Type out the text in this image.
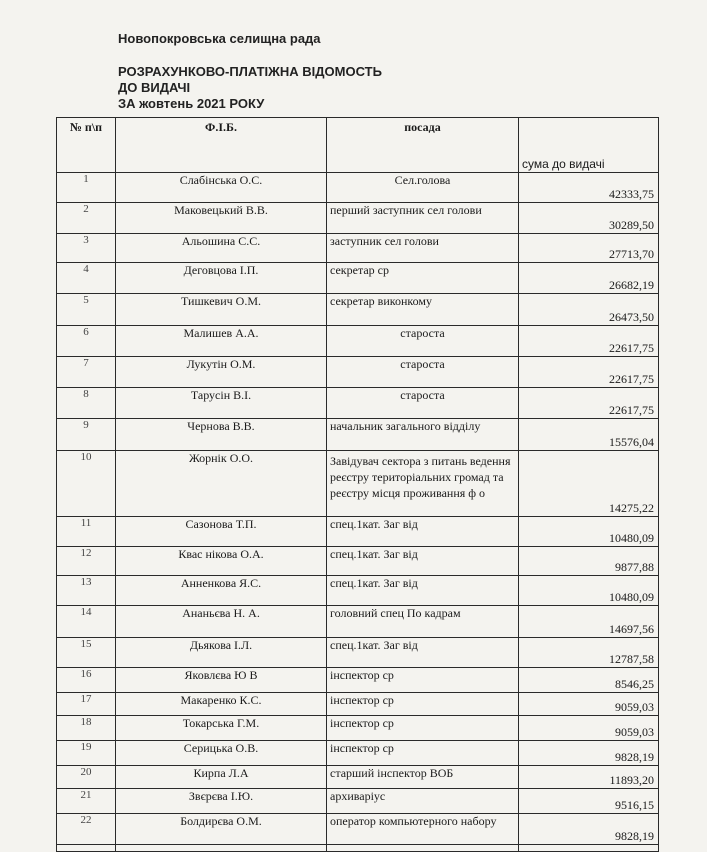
Новопокровська селищна рада
РОЗРАХУНКОВО-ПЛАТІЖНА ВІДОМОСТЬ
ДО ВИДАЧІ
ЗА жовтень 2021 РОКУ
№ п\п	Ф.І.Б.	посада	сума до видачі
1	Слабінська О.С.	Сел.голова	42333,75
2	Маковецький В.В.	перший заступник сел голови	30289,50
3	Альошина С.С.	заступник сел голови	27713,70
4	Деговцова І.П.	секретар ср	26682,19
5	Тишкевич О.М.	секретар виконкому	26473,50
6	Малишев А.А.	староста	22617,75
7	Лукутін О.М.	староста	22617,75
8	Тарусін В.І.	староста	22617,75
9	Чернова В.В.	начальник загального відділу	15576,04
10	Жорнік О.О.	Завідувач сектора з питань ведення реєстру територіальних громад та реєстру місця проживання ф о	14275,22
11	Сазонова Т.П.	спец.1кат. Заг від	10480,09
12	Квас нікова О.А.	спец.1кат. Заг від	9877,88
13	Анненкова Я.С.	спец.1кат. Заг від	10480,09
14	Ананьєва Н. А.	головний спец По кадрам	14697,56
15	Дьякова І.Л.	спец.1кат. Заг від	12787,58
16	Яковлєва Ю В	інспектор ср	8546,25
17	Макаренко К.С.	інспектор ср	9059,03
18	Токарська Г.М.	інспектор ср	9059,03
19	Серицька О.В.	інспектор ср	9828,19
20	Кирпа Л.А	старший інспектор ВОБ	11893,20
21	Звєрєва І.Ю.	архиваріус	9516,15
22	Болдирєва О.М.	оператор компьютерного набору	9828,19
